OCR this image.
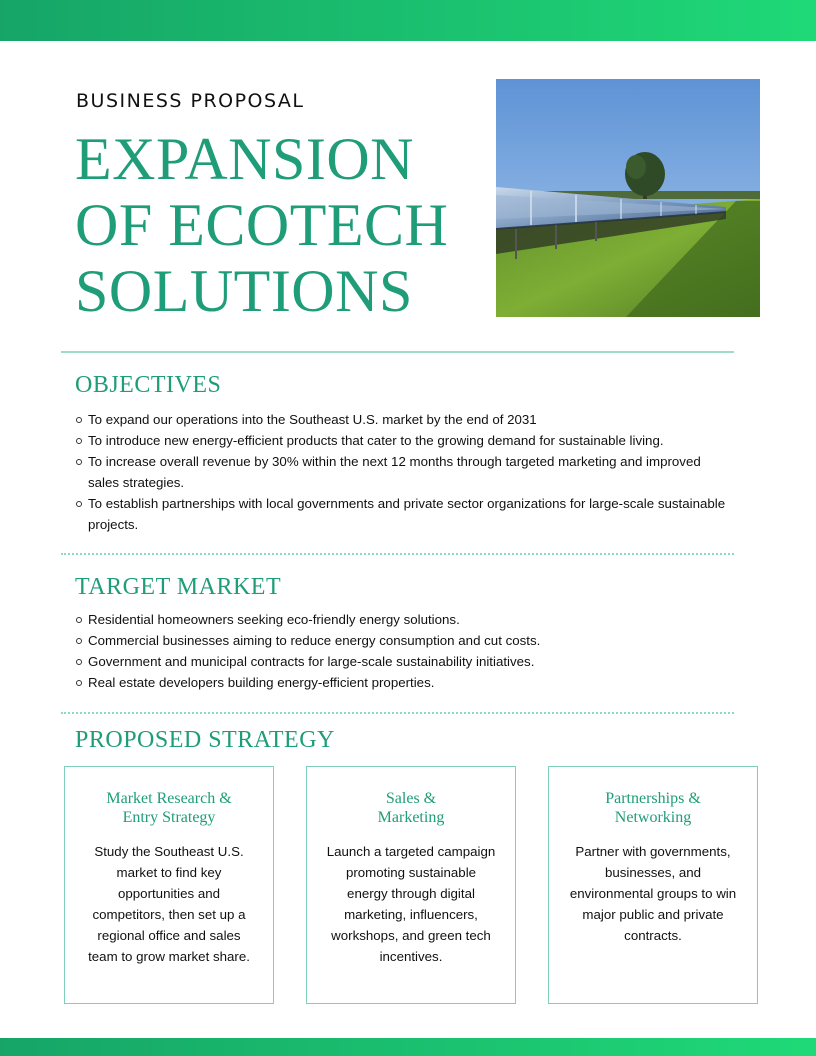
BUSINESS PROPOSAL
EXPANSION
OF ECOTECH
SOLUTIONS
OBJECTIVES
To expand our operations into the Southeast U.S. market by the end of 2031
To introduce new energy-efficient products that cater to the growing demand for sustainable living.
To increase overall revenue by 30% within the next 12 months through targeted marketing and improved sales strategies.
To establish partnerships with local governments and private sector organizations for large-scale sustainable projects.
TARGET MARKET
Residential homeowners seeking eco-friendly energy solutions.
Commercial businesses aiming to reduce energy consumption and cut costs.
Government and municipal contracts for large-scale sustainability initiatives.
Real estate developers building energy-efficient properties.
PROPOSED STRATEGY
Market Research &
Entry Strategy
Study the Southeast U.S. market to find key opportunities and competitors, then set up a regional office and sales team to grow market share.
Sales &
Marketing
Launch a targeted campaign promoting sustainable energy through digital marketing, influencers, workshops, and green tech incentives.
Partnerships &
Networking
Partner with governments, businesses, and environmental groups to win major public and private contracts.
